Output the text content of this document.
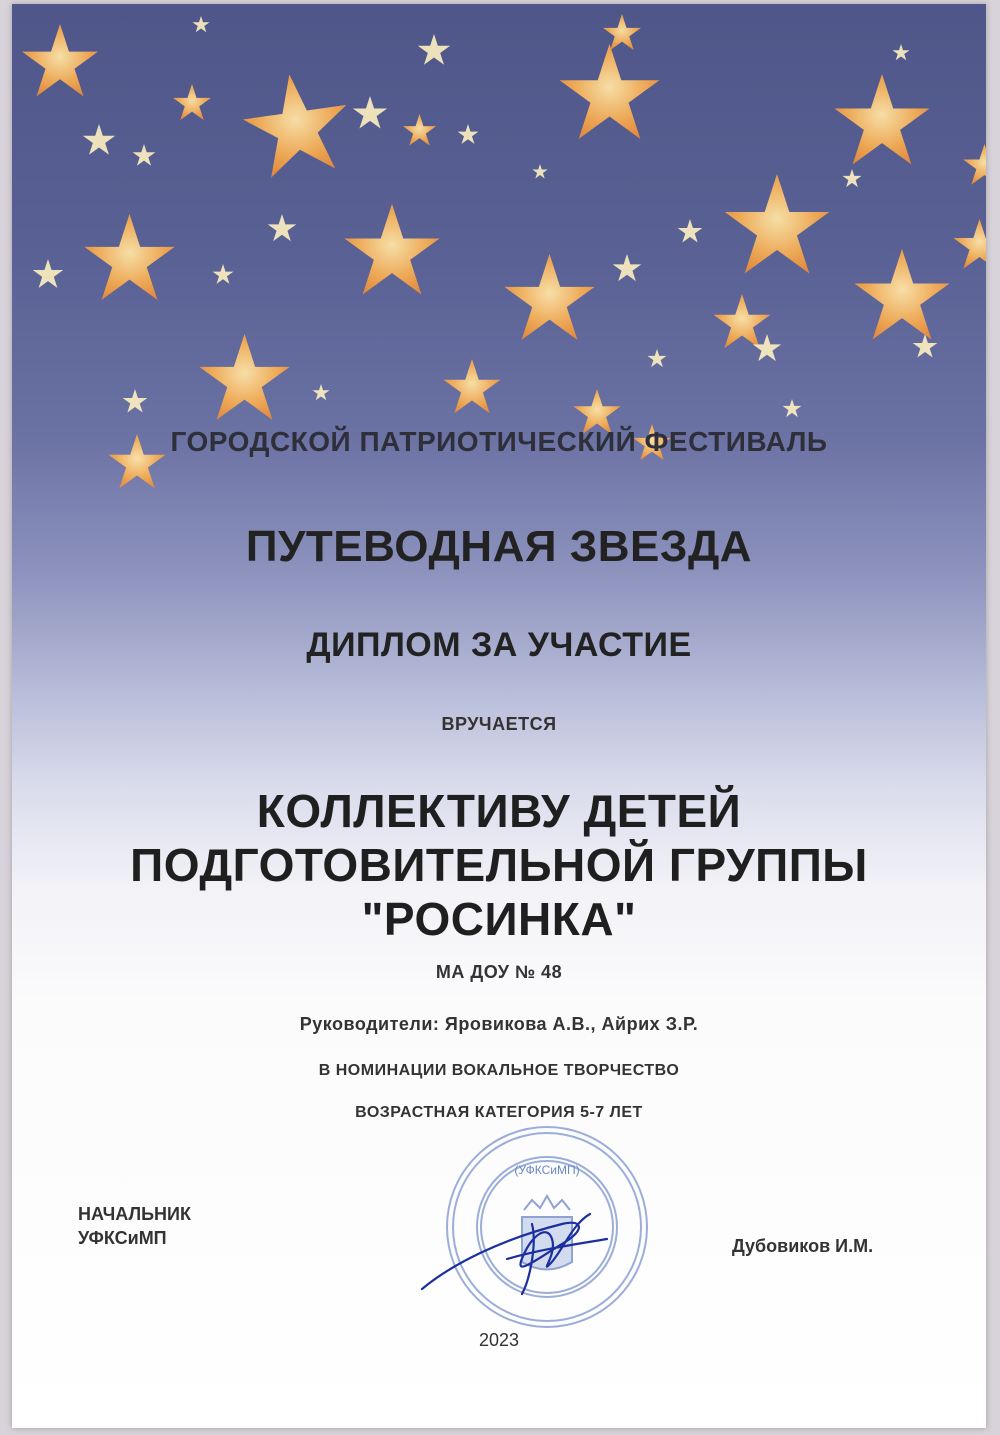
ГОРОДСКОЙ ПАТРИОТИЧЕСКИЙ ФЕСТИВАЛЬ
ПУТЕВОДНАЯ ЗВЕЗДА
ДИПЛОМ ЗА УЧАСТИЕ
ВРУЧАЕТСЯ
КОЛЛЕКТИВУ ДЕТЕЙ
ПОДГОТОВИТЕЛЬНОЙ ГРУППЫ
"РОСИНКА"
МА ДОУ № 48
Руководители: Яровикова А.В., Айрих З.Р.
В НОМИНАЦИИ ВОКАЛЬНОЕ ТВОРЧЕСТВО
ВОЗРАСТНАЯ КАТЕГОРИЯ 5-7 ЛЕТ
НАЧАЛЬНИК
УФКСиМП
(УФКСиМП)
Дубовиков И.М.
2023
